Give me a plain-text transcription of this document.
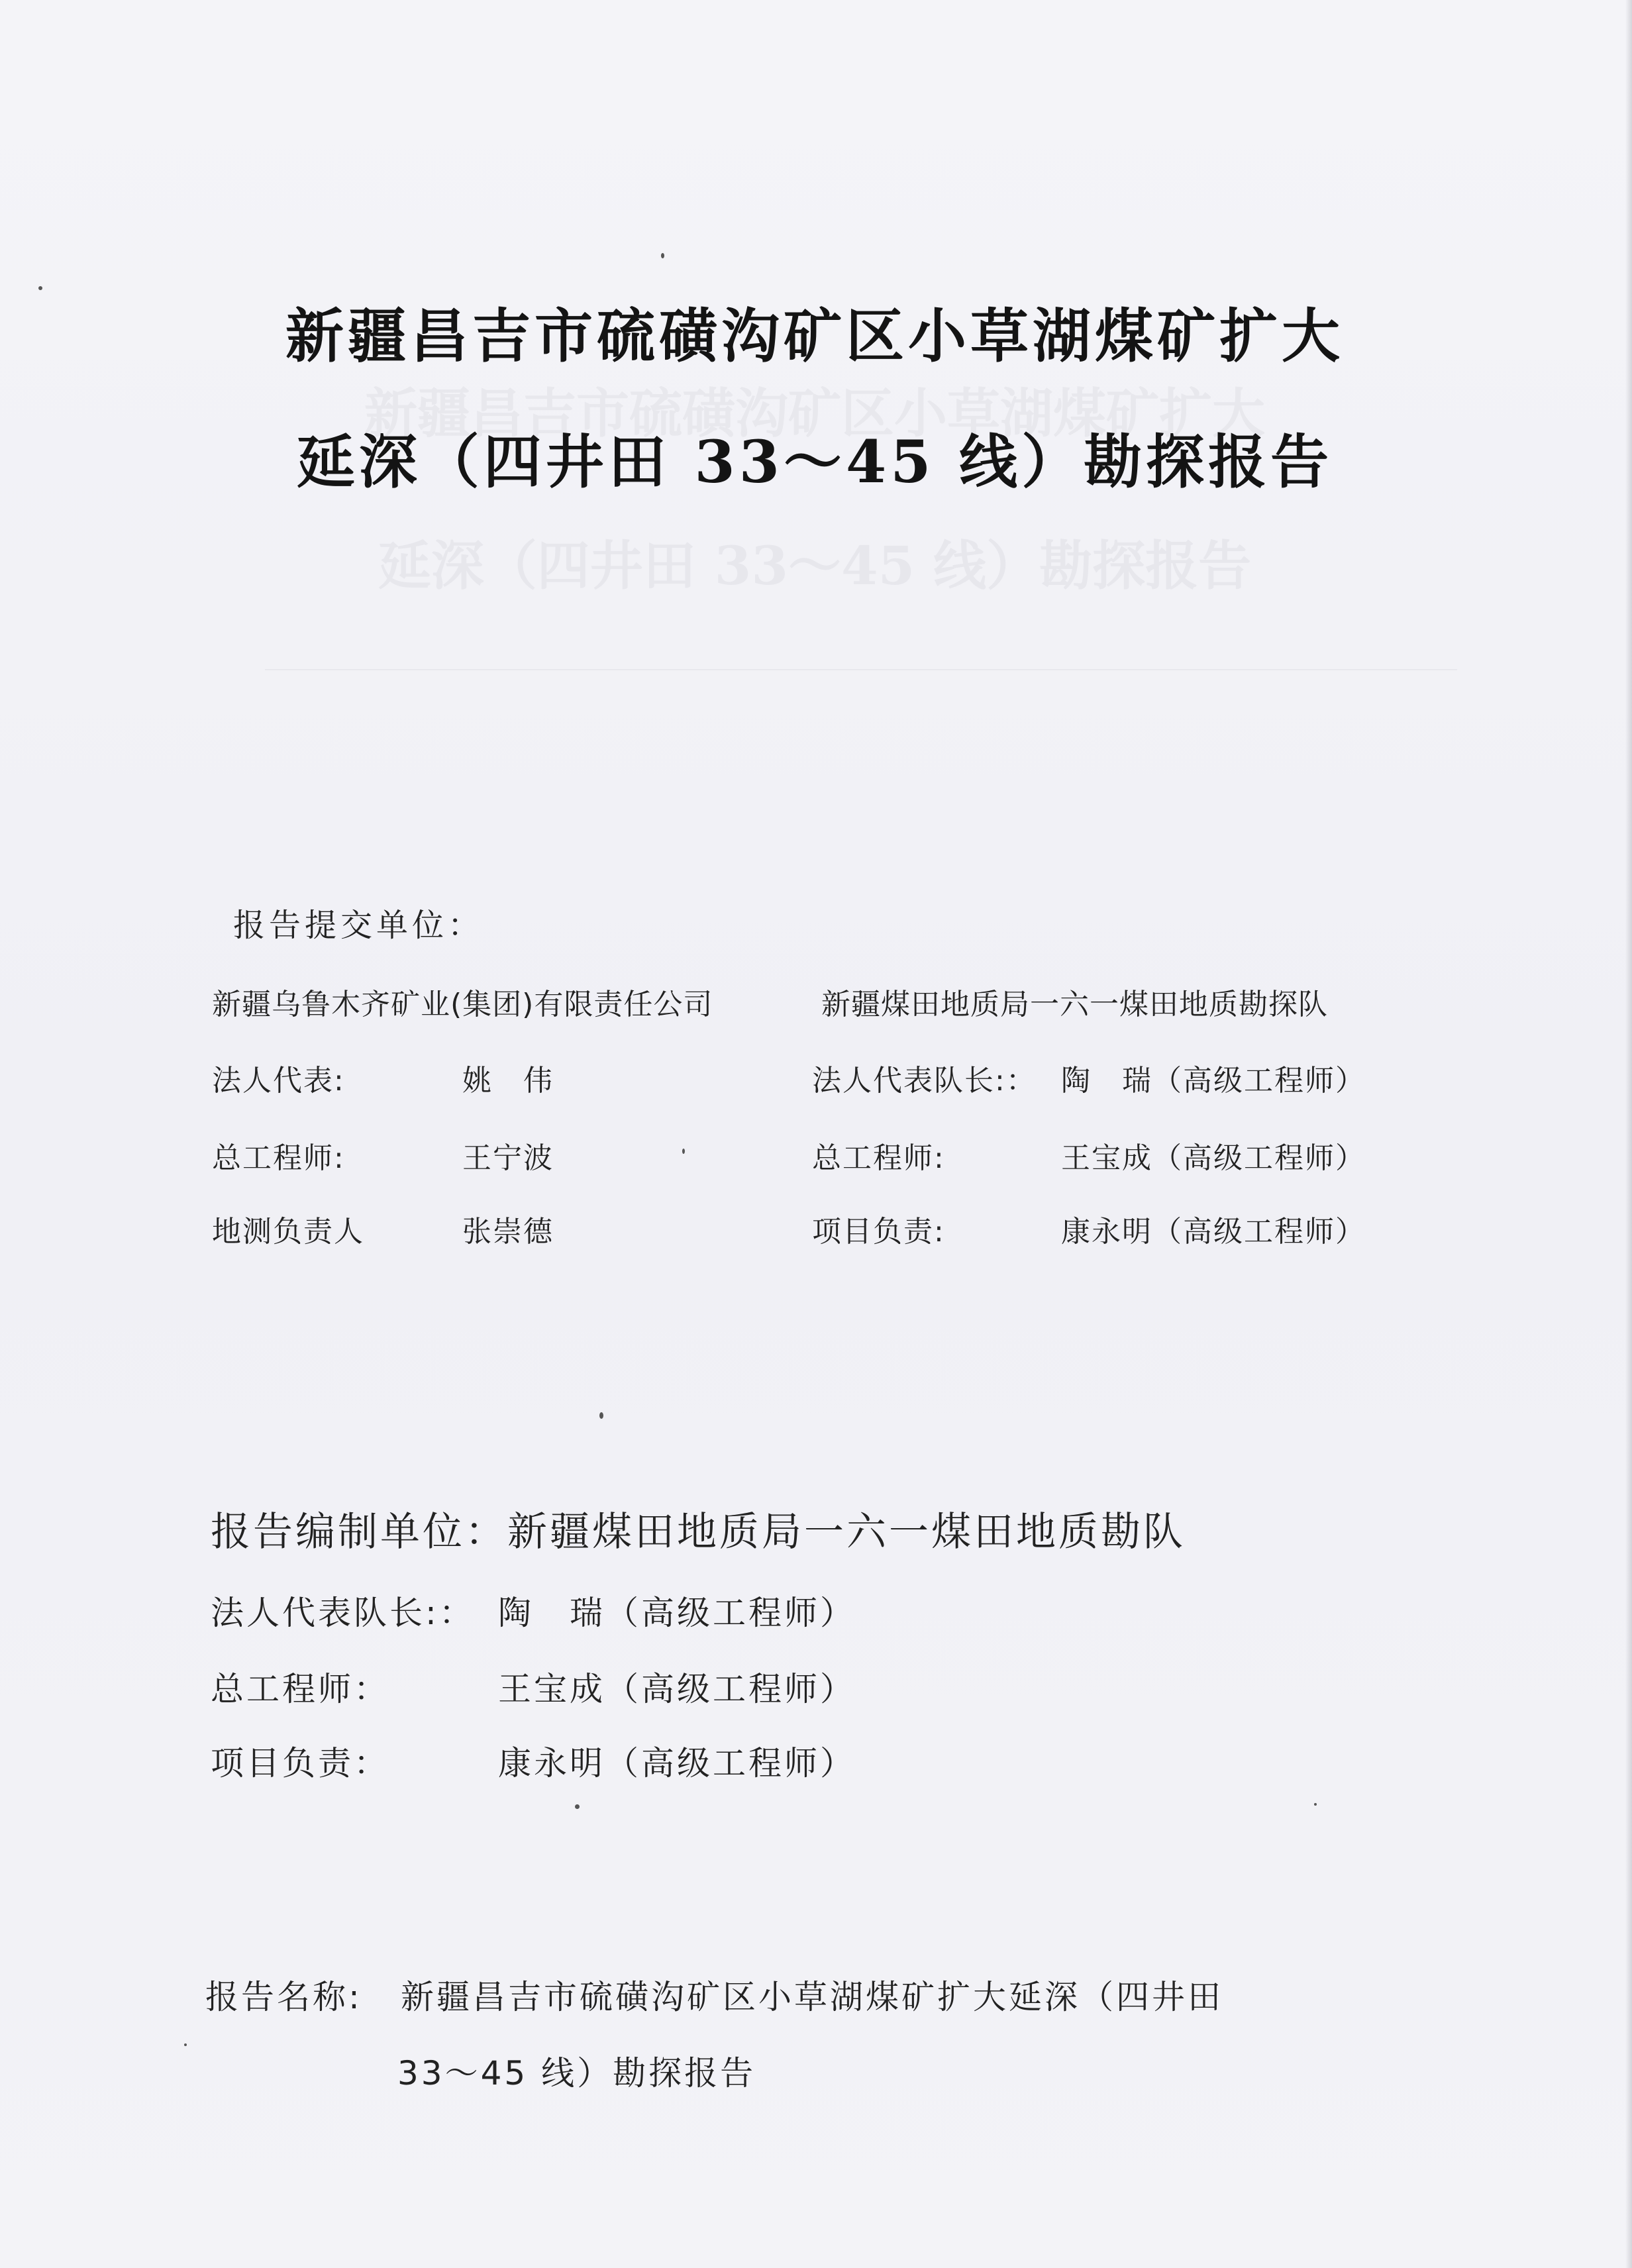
新疆昌吉市硫磺沟矿区小草湖煤矿扩大
延深（四井田 33～45 线）勘探报告
新疆昌吉市硫磺沟矿区小草湖煤矿扩大
延深（四井田 33～45 线）勘探报告
报告提交单位：
新疆乌鲁木齐矿业(集团)有限责任公司	新疆煤田地质局一六一煤田地质勘探队
法人代表:	姚　伟	法人代表队长:： 陶　瑞（高级工程师）
总工程师:	王宁波	总工程师:	王宝成（高级工程师）
地测负责人	张崇德	项目负责:	康永明（高级工程师）
报告编制单位：新疆煤田地质局一六一煤田地质勘队
法人代表队长:： 陶　瑞（高级工程师）
总工程师：	王宝成（高级工程师）
项目负责：	康永明（高级工程师）
报告名称: 新疆昌吉市硫磺沟矿区小草湖煤矿扩大延深（四井田
33～45 线）勘探报告
